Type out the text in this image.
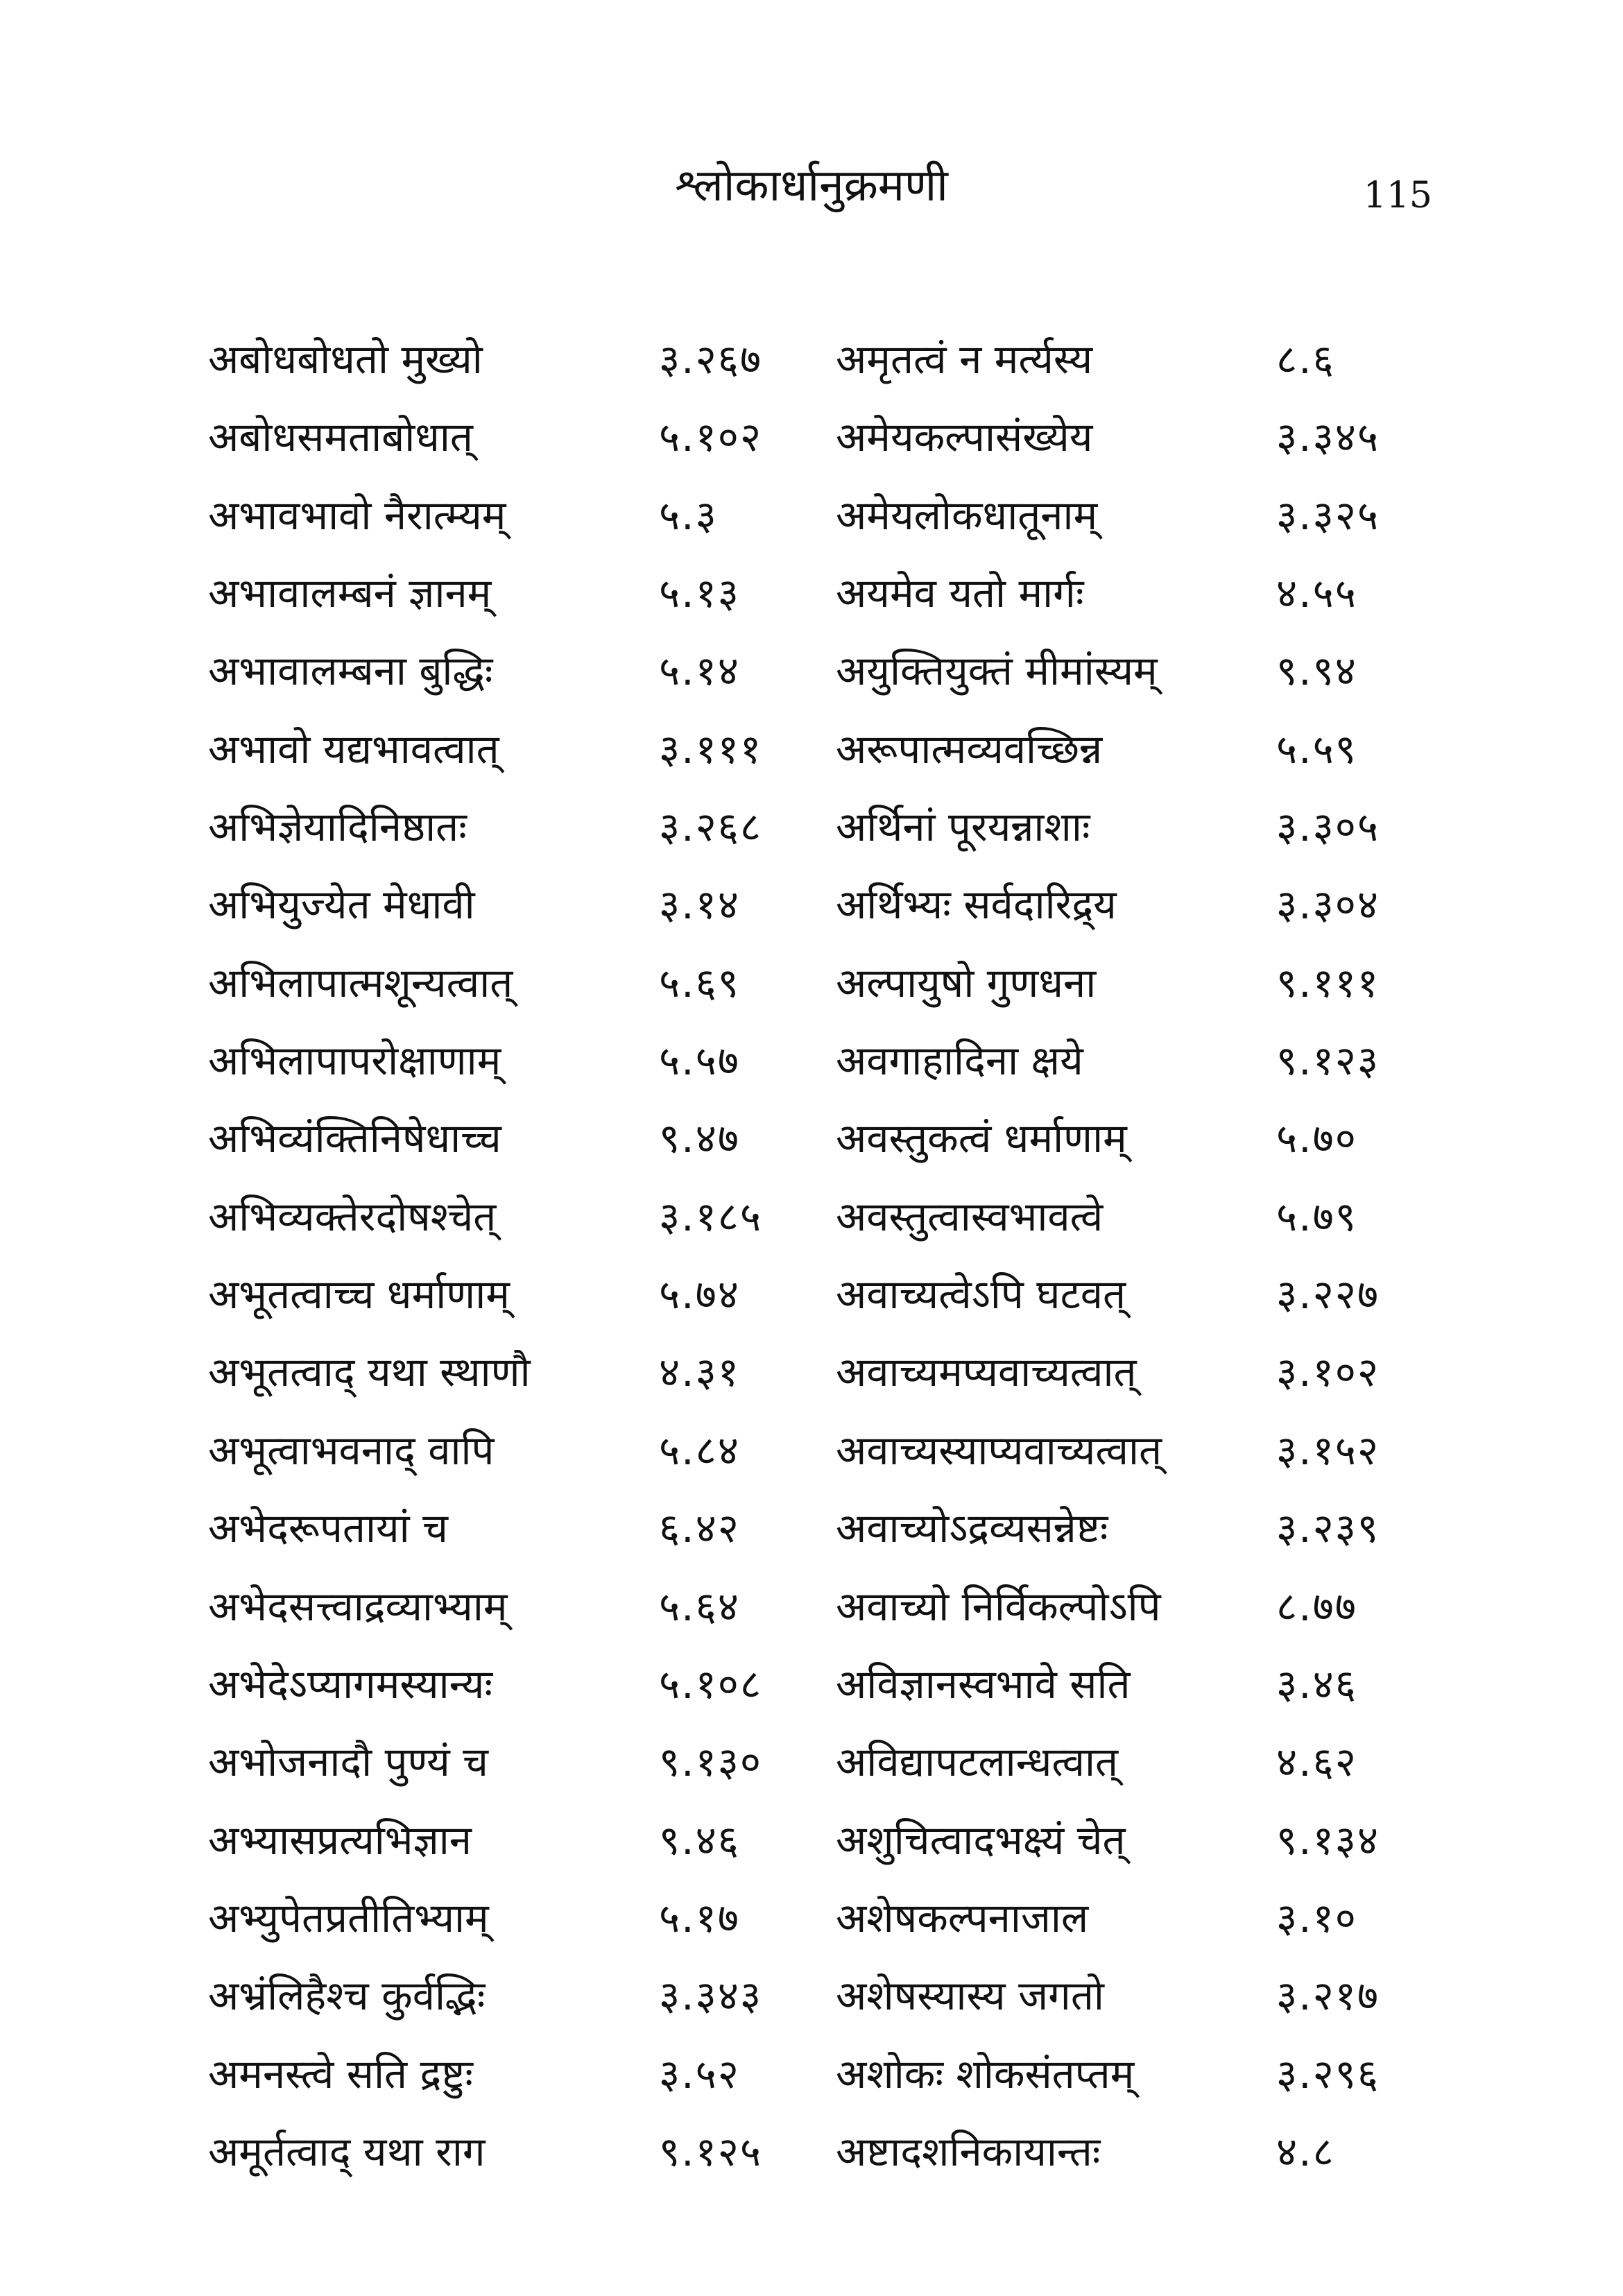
श्लोकार्धानुक्रमणी	115
अबोधबोधतो मुख्यो	३.२६७	अमृतत्वं न मर्त्यस्य	८.६
अबोधसमताबोधात्	५.१०२	अमेयकल्पासंख्येय	३.३४५
अभावभावो नैरात्म्यम्	५.३	अमेयलोकधातूनाम्	३.३२५
अभावालम्बनं ज्ञानम्	५.१३	अयमेव यतो मार्गः	४.५५
अभावालम्बना बुद्धिः	५.१४	अयुक्तियुक्तं मीमांस्यम्	९.९४
अभावो यद्यभावत्वात्	३.१११	अरूपात्मव्यवच्छिन्न	५.५९
अभिज्ञेयादिनिष्ठातः	३.२६८	अर्थिनां पूरयन्नाशाः	३.३०५
अभियुज्येत मेधावी	३.१४	अर्थिभ्यः सर्वदारिद्र्य	३.३०४
अभिलापात्मशून्यत्वात्	५.६९	अल्पायुषो गुणधना	९.१११
अभिलापापरोक्षाणाम्	५.५७	अवगाहादिना क्षये	९.१२३
अभिव्यंक्तिनिषेधाच्च	९.४७	अवस्तुकत्वं धर्माणाम्	५.७०
अभिव्यक्तेरदोषश्चेत्	३.१८५	अवस्तुत्वास्वभावत्वे	५.७९
अभूतत्वाच्च धर्माणाम्	५.७४	अवाच्यत्वेऽपि घटवत्	३.२२७
अभूतत्वाद् यथा स्थाणौ	४.३१	अवाच्यमप्यवाच्यत्वात्	३.१०२
अभूत्वाभवनाद् वापि	५.८४	अवाच्यस्याप्यवाच्यत्वात्	३.१५२
अभेदरूपतायां च	६.४२	अवाच्योऽद्रव्यसन्नेष्टः	३.२३९
अभेदसत्त्वाद्रव्याभ्याम्	५.६४	अवाच्यो निर्विकल्पोऽपि	८.७७
अभेदेऽप्यागमस्यान्यः	५.१०८	अविज्ञानस्वभावे सति	३.४६
अभोजनादौ पुण्यं च	९.१३०	अविद्यापटलान्धत्वात्	४.६२
अभ्यासप्रत्यभिज्ञान	९.४६	अशुचित्वादभक्ष्यं चेत्	९.१३४
अभ्युपेतप्रतीतिभ्याम्	५.१७	अशेषकल्पनाजाल	३.१०
अभ्रंलिहैश्च कुर्वद्भिः	३.३४३	अशेषस्यास्य जगतो	३.२१७
अमनस्त्वे सति द्रष्टुः	३.५२	अशोकः शोकसंतप्तम्	३.२९६
अमूर्तत्वाद् यथा राग	९.१२५	अष्टादशनिकायान्तः	४.८
